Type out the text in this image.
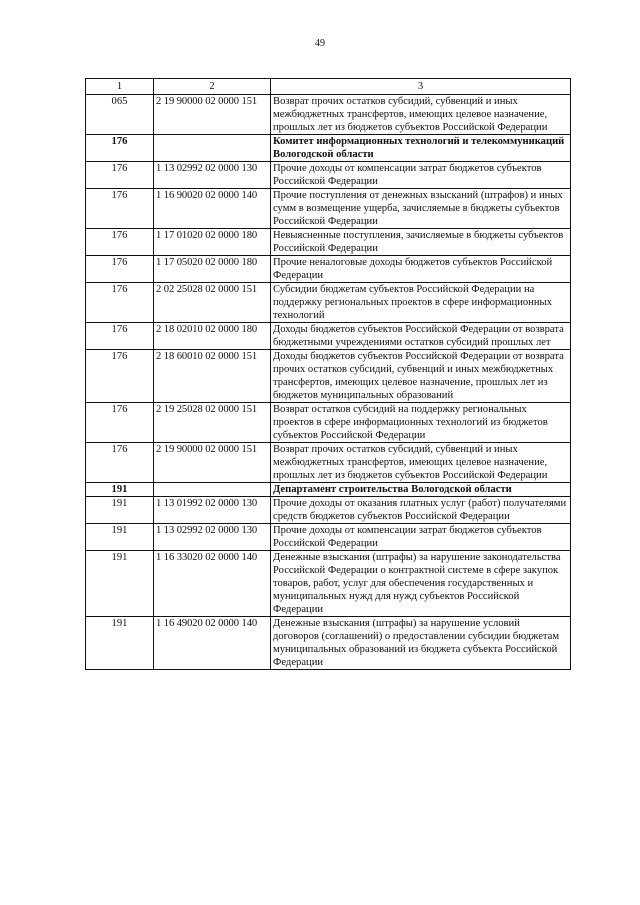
49
1	2	3
065	2 19 90000 02 0000 151	Возврат прочих остатков субсидий, субвенций и иных межбюджетных трансфертов, имеющих целевое назначение, прошлых лет из бюджетов субъектов Российской Федерации
176		Комитет информационных технологий и телекоммуникаций Вологодской области
176	1 13 02992 02 0000 130	Прочие доходы от компенсации затрат бюджетов субъектов Российской Федерации
176	1 16 90020 02 0000 140	Прочие поступления от денежных взысканий (штрафов) и иных сумм в возмещение ущерба, зачисляемые в бюджеты субъектов Российской Федерации
176	1 17 01020 02 0000 180	Невыясненные поступления, зачисляемые в бюджеты субъектов Российской Федерации
176	1 17 05020 02 0000 180	Прочие неналоговые доходы бюджетов субъектов Российской Федерации
176	2 02 25028 02 0000 151	Субсидии бюджетам субъектов Российской Федерации на поддержку региональных проектов в сфере информационных технологий
176	2 18 02010 02 0000 180	Доходы бюджетов субъектов Российской Федерации от возврата бюджетными учреждениями остатков субсидий прошлых лет
176	2 18 60010 02 0000 151	Доходы бюджетов субъектов Российской Федерации от возврата прочих остатков субсидий, субвенций и иных межбюджетных трансфертов, имеющих целевое назначение, прошлых лет из бюджетов муниципальных образований
176	2 19 25028 02 0000 151	Возврат остатков субсидий на поддержку региональных проектов в сфере информационных технологий из бюджетов субъектов Российской Федерации
176	2 19 90000 02 0000 151	Возврат прочих остатков субсидий, субвенций и иных межбюджетных трансфертов, имеющих целевое назначение, прошлых лет из бюджетов субъектов Российской Федерации
191		Департамент строительства Вологодской области
191	1 13 01992 02 0000 130	Прочие доходы от оказания платных услуг (работ) получателями средств бюджетов субъектов Российской Федерации
191	1 13 02992 02 0000 130	Прочие доходы от компенсации затрат бюджетов субъектов Российской Федерации
191	1 16 33020 02 0000 140	Денежные взыскания (штрафы) за нарушение законодательства Российской Федерации о контрактной системе в сфере закупок товаров, работ, услуг для обеспечения государственных и муниципальных нужд для нужд субъектов Российской Федерации
191	1 16 49020 02 0000 140	Денежные взыскания (штрафы) за нарушение условий договоров (соглашений) о предоставлении субсидии бюджетам муниципальных образований из бюджета субъекта Российской Федерации
